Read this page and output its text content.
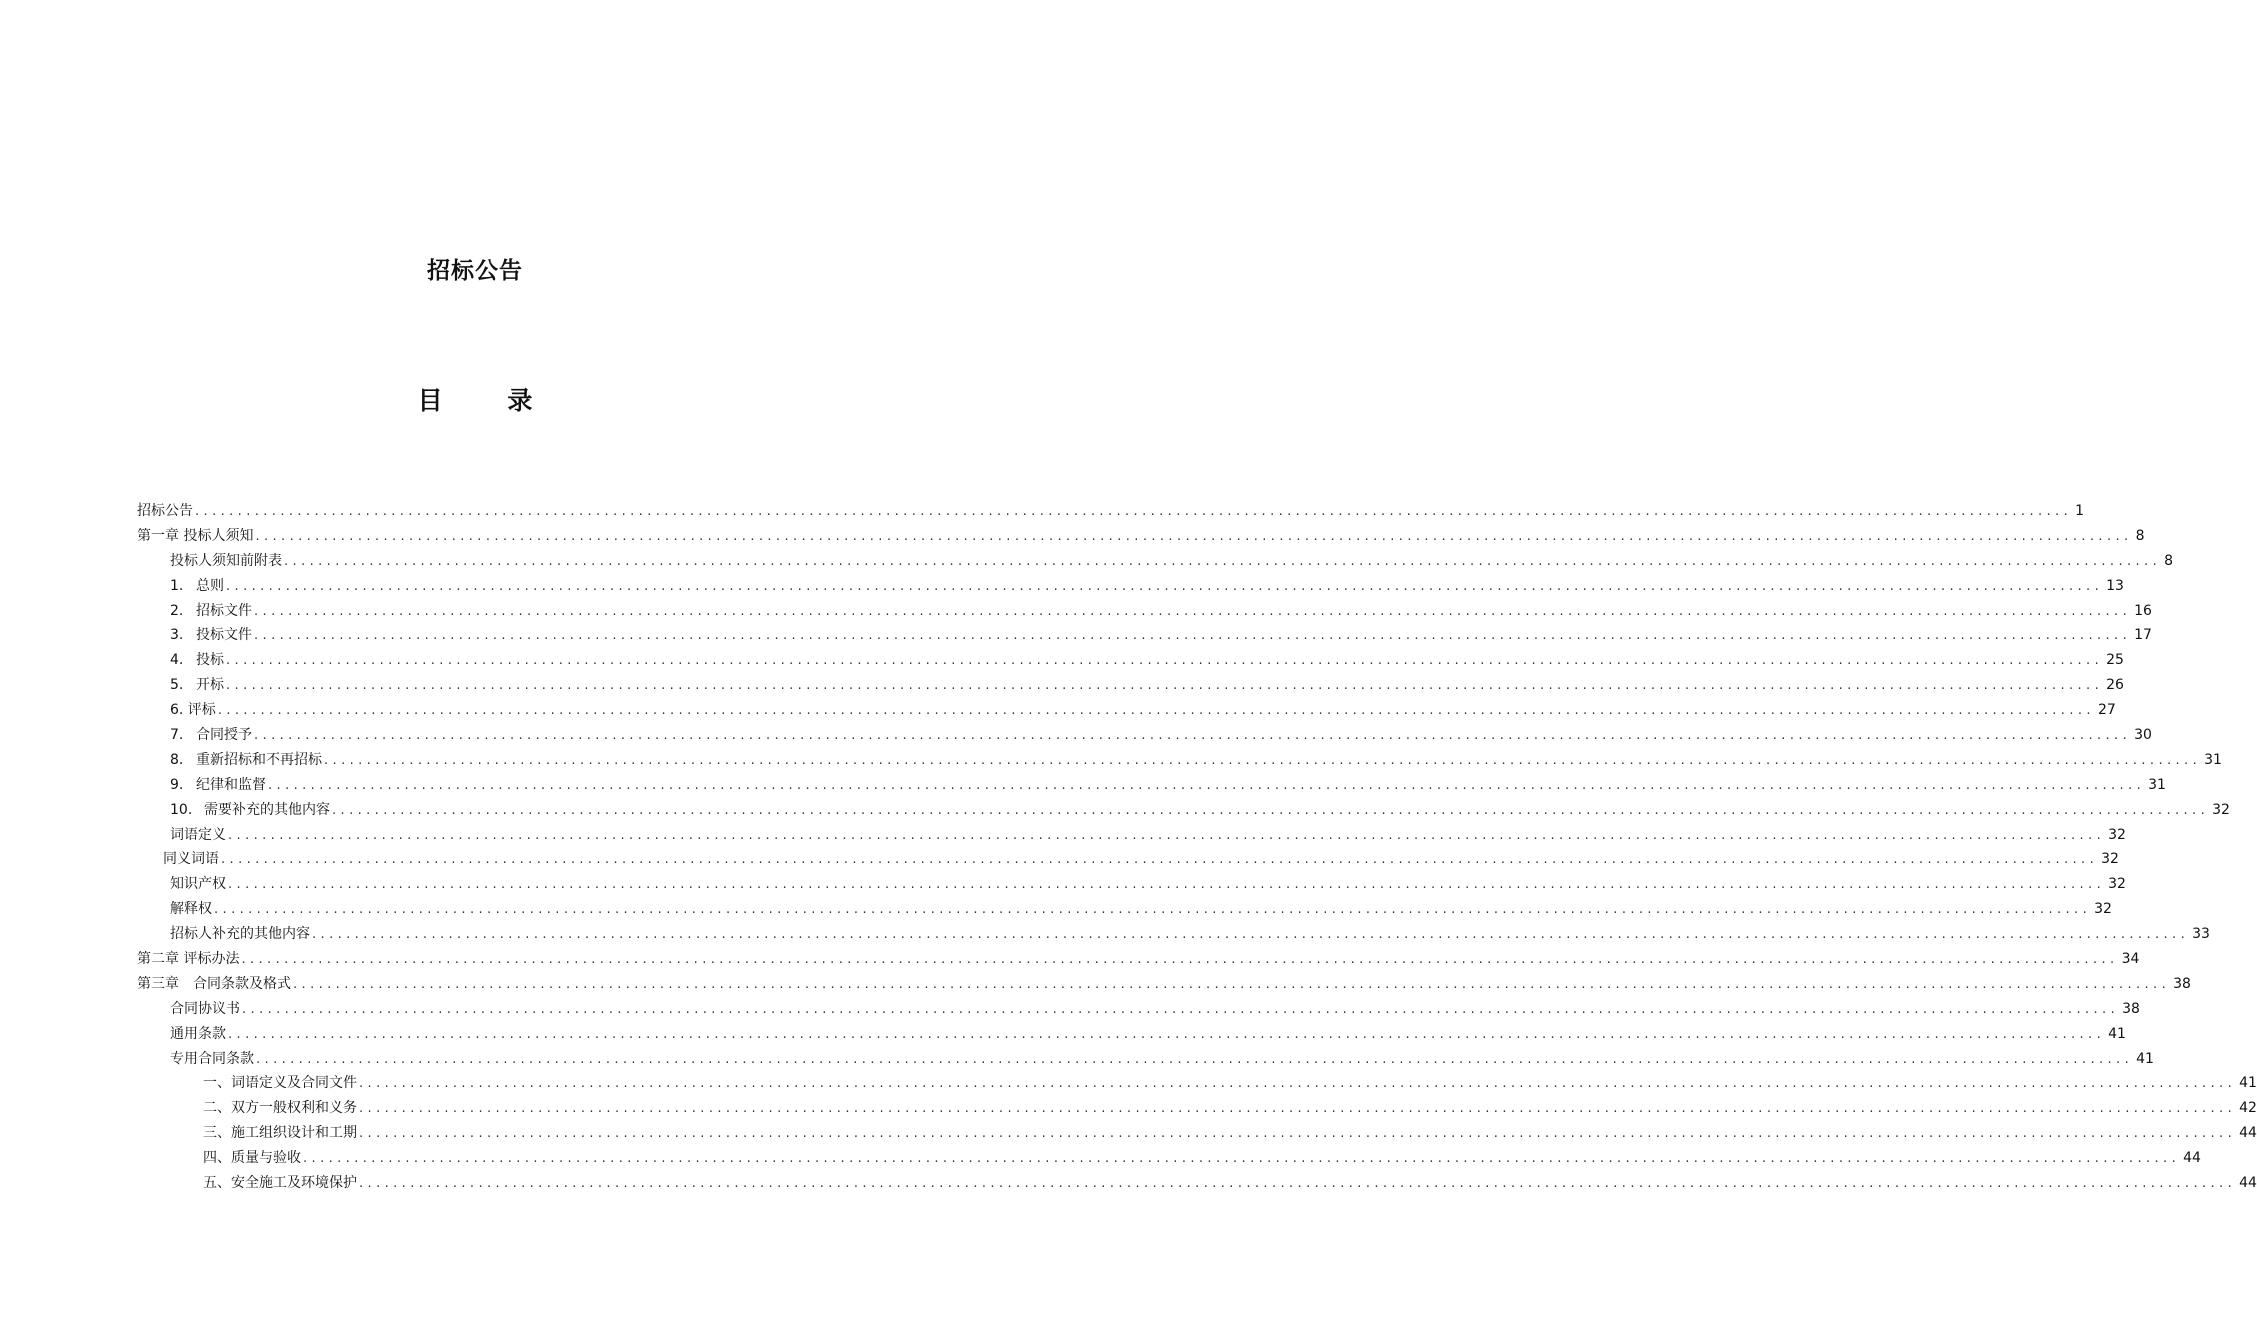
招标公告
目 录
招标公告 ............................................................................................................................................................................................................................ 1
第一章 投标人须知 ............................................................................................................................................................................................................................ 8
投标人须知前附表 ............................................................................................................................................................................................................................ 8
1. 总则 ............................................................................................................................................................................................................................ 13
2. 招标文件 ............................................................................................................................................................................................................................ 16
3. 投标文件 ............................................................................................................................................................................................................................ 17
4. 投标 ............................................................................................................................................................................................................................ 25
5. 开标 ............................................................................................................................................................................................................................ 26
6. 评标 ............................................................................................................................................................................................................................ 27
7. 合同授予 ............................................................................................................................................................................................................................ 30
8. 重新招标和不再招标 ............................................................................................................................................................................................................................ 31
9. 纪律和监督 ............................................................................................................................................................................................................................ 31
10. 需要补充的其他内容 ............................................................................................................................................................................................................................ 32
词语定义 ............................................................................................................................................................................................................................ 32
同义词语 ............................................................................................................................................................................................................................ 32
知识产权 ............................................................................................................................................................................................................................ 32
解释权 ............................................................................................................................................................................................................................ 32
招标人补充的其他内容 ............................................................................................................................................................................................................................ 33
第二章 评标办法 ............................................................................................................................................................................................................................ 34
第三章　合同条款及格式 ............................................................................................................................................................................................................................ 38
合同协议书 ............................................................................................................................................................................................................................ 38
通用条款 ............................................................................................................................................................................................................................ 41
专用合同条款 ............................................................................................................................................................................................................................ 41
一、词语定义及合同文件 ............................................................................................................................................................................................................................ 41
二、双方一般权利和义务 ............................................................................................................................................................................................................................ 42
三、施工组织设计和工期 ............................................................................................................................................................................................................................ 44
四、质量与验收 ............................................................................................................................................................................................................................ 44
五、安全施工及环境保护 ............................................................................................................................................................................................................................ 44
